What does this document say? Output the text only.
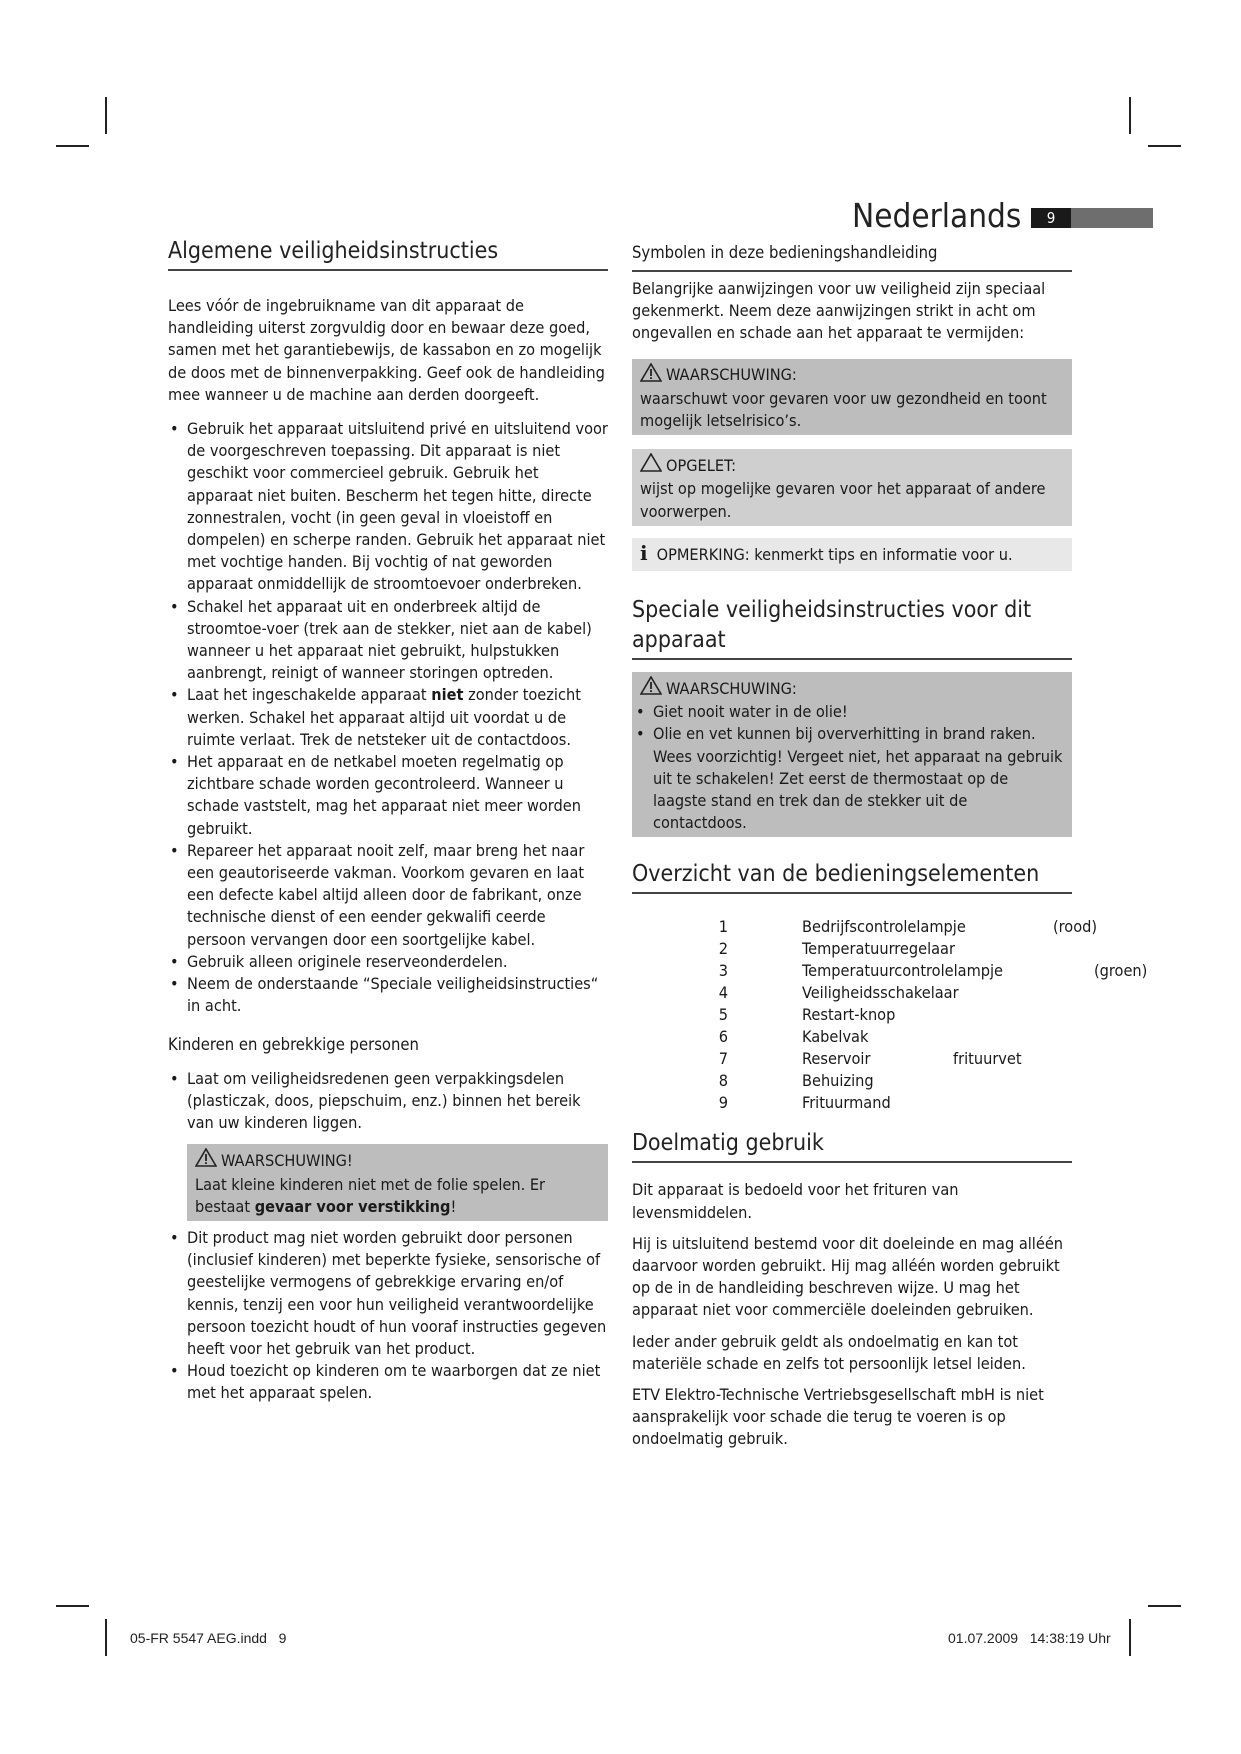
Nederlands	9
Algemene veiligheidsinstructies

Lees vóór de ingebruikname van dit apparaat de handleiding uiterst zorgvuldig door en bewaar deze goed, samen met het garantiebewijs, de kassabon en zo mogelijk de doos met de binnenverpakking. Geef ook de handleiding mee wanneer u de machine aan derden doorgeeft.

• Gebruik het apparaat uitsluitend privé en uitsluitend voor de voorgeschreven toepassing. Dit apparaat is niet geschikt voor commercieel gebruik. Gebruik het apparaat niet buiten. Bescherm het tegen hitte, directe zonnestralen, vocht (in geen geval in vloeistoff en dompelen) en scherpe randen. Gebruik het apparaat niet met vochtige handen. Bij vochtig of nat geworden apparaat onmiddellijk de stroomtoevoer onderbreken.
• Schakel het apparaat uit en onderbreek altijd de stroomtoe-voer (trek aan de stekker, niet aan de kabel) wanneer u het apparaat niet gebruikt, hulpstukken aanbrengt, reinigt of wanneer storingen optreden.
• Laat het ingeschakelde apparaat niet zonder toezicht werken. Schakel het apparaat altijd uit voordat u de ruimte verlaat. Trek de netsteker uit de contactdoos.
• Het apparaat en de netkabel moeten regelmatig op zichtbare schade worden gecontroleerd. Wanneer u schade vaststelt, mag het apparaat niet meer worden gebruikt.
• Repareer het apparaat nooit zelf, maar breng het naar een geautoriseerde vakman. Voorkom gevaren en laat een defecte kabel altijd alleen door de fabrikant, onze technische dienst of een eender gekwalifi ceerde persoon vervangen door een soortgelijke kabel.
• Gebruik alleen originele reserveonderdelen.
• Neem de onderstaande “Speciale veiligheidsinstructies“ in acht.
Kinderen en gebrekkige personen
• Laat om veiligheidsredenen geen verpakkingsdelen (plasticzak, doos, piepschuim, enz.) binnen het bereik van uw kinderen liggen.
WAARSCHUWING!

Laat kleine kinderen niet met de folie spelen. Er bestaat gevaar voor verstikking!

• Dit product mag niet worden gebruikt door personen (inclusief kinderen) met beperkte fysieke, sensorische of geestelijke vermogens of gebrekkige ervaring en/of kennis, tenzij een voor hun veiligheid verantwoordelijke persoon toezicht houdt of hun vooraf instructies gegeven heeft voor het gebruik van het product.
• Houd toezicht op kinderen om te waarborgen dat ze niet met het apparaat spelen.
Symbolen in deze bedieningshandleiding

Belangrijke aanwijzingen voor uw veiligheid zijn speciaal gekenmerkt. Neem deze aanwijzingen strikt in acht om ongevallen en schade aan het apparaat te vermijden:

WAARSCHUWING:

waarschuwt voor gevaren voor uw gezondheid en toont mogelijk letselrisico’s.

OPGELET:

wijst op mogelijke gevaren voor het apparaat of andere voorwerpen.

i OPMERKING: kenmerkt tips en informatie voor u.
Speciale veiligheidsinstructies voor dit apparaat
WAARSCHUWING:
• Giet nooit water in de olie!
• Olie en vet kunnen bij oververhitting in brand raken. Wees voorzichtig! Vergeet niet, het apparaat na gebruik uit te schakelen! Zet eerst de thermostaat op de laagste stand en trek dan de stekker uit de contactdoos.
Overzicht van de bedieningselementen
1	Bedrijfscontrolelampje	(rood)
2	Temperatuurregelaar
3	Temperatuurcontrolelampje	(groen)
4	Veiligheidsschakelaar
5	Restart-knop
6	Kabelvak
7	Reservoir	frituurvet
8	Behuizing
9	Frituurmand
Doelmatig gebruik

Dit apparaat is bedoeld voor het frituren van levensmiddelen.

Hij is uitsluitend bestemd voor dit doeleinde en mag alléén daarvoor worden gebruikt. Hij mag alléén worden gebruikt op de in de handleiding beschreven wijze. U mag het apparaat niet voor commerciële doeleinden gebruiken.

Ieder ander gebruik geldt als ondoelmatig en kan tot materiële schade en zelfs tot persoonlijk letsel leiden.

ETV Elektro-Technische Vertriebsgesellschaft mbH is niet aansprakelijk voor schade die terug te voeren is op ondoelmatig gebruik.

05-FR 5547 AEG.indd   9	01.07.2009   14:38:19 Uhr
